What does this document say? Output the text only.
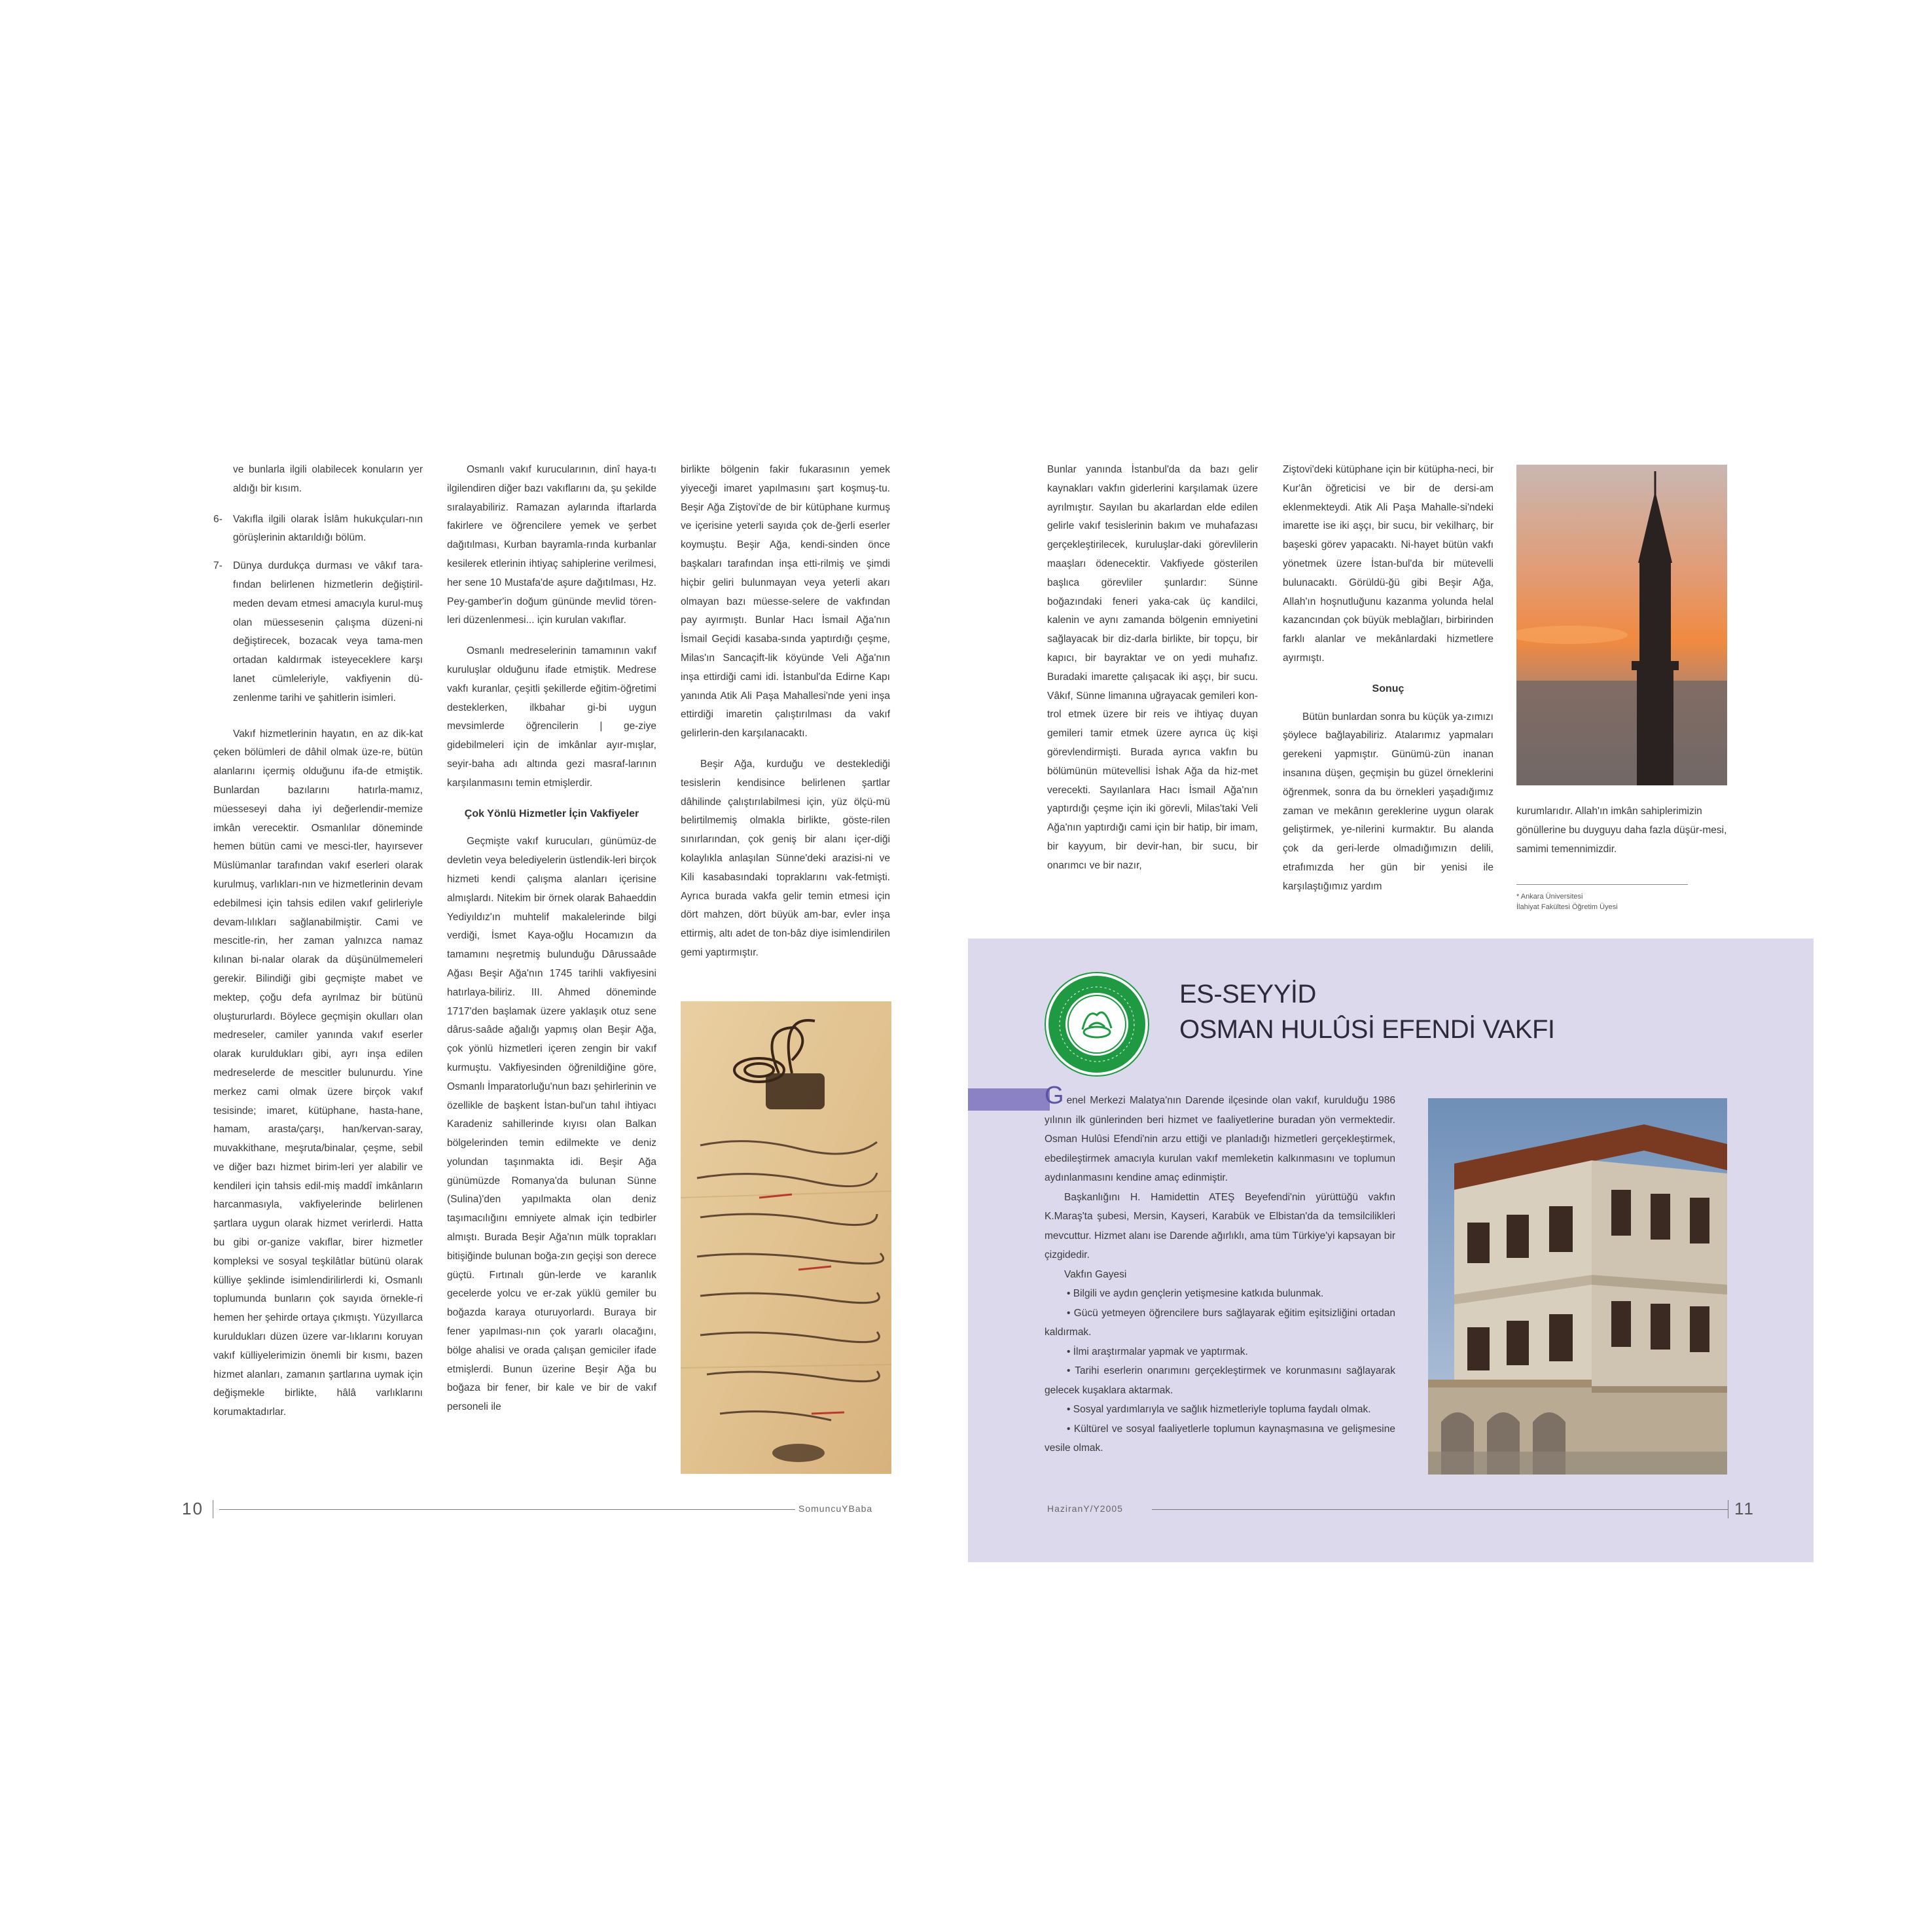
ve bunlarla ilgili olabilecek konuların yer aldığı bir kısım.

6- Vakıfla ilgili olarak İslâm hukukçuları-nın görüşlerinin aktarıldığı bölüm.
7- Dünya durdukça durması ve vâkıf tara-fından belirlenen hizmetlerin değiştiril-meden devam etmesi amacıyla kurul-muş olan müessesenin çalışma düzeni-ni değiştirecek, bozacak veya tama-men ortadan kaldırmak isteyeceklere karşı lanet cümleleriyle, vakfiyenin dü-zenlenme tarihi ve şahitlerin isimleri.

Vakıf hizmetlerinin hayatın, en az dik-kat çeken bölümleri de dâhil olmak üze-re, bütün alanlarını içermiş olduğunu ifa-de etmiştik. Bunlardan bazılarını hatırla-mamız, müesseseyi daha iyi değerlendir-memize imkân verecektir. Osmanlılar döneminde hemen bütün cami ve mesci-tler, hayırsever Müslümanlar tarafından vakıf eserleri olarak kurulmuş, varlıkları-nın ve hizmetlerinin devam edebilmesi için tahsis edilen vakıf gelirleriyle devam-lılıkları sağlanabilmiştir. Cami ve mescitle-rin, her zaman yalnızca namaz kılınan bi-nalar olarak da düşünülmemeleri gerekir. Bilindiği gibi geçmişte mabet ve mektep, çoğu defa ayrılmaz bir bütünü oluştururlardı. Böylece geçmişin okulları olan medreseler, camiler yanında vakıf eserler olarak kuruldukları gibi, ayrı inşa edilen medreselerde de mescitler bulunurdu. Yine merkez cami olmak üzere birçok vakıf tesisinde; imaret, kütüphane, hasta-hane, hamam, arasta/çarşı, han/kervan-saray, muvakkithane, meşruta/binalar, çeşme, sebil ve diğer bazı hizmet birim-leri yer alabilir ve kendileri için tahsis edil-miş maddî imkânların harcanmasıyla, vakfiyelerinde belirlenen şartlara uygun olarak hizmet verirlerdi. Hatta bu gibi or-ganize vakıflar, birer hizmetler kompleksi ve sosyal teşkilâtlar bütünü olarak külliye şeklinde isimlendirilirlerdi ki, Osmanlı toplumunda bunların çok sayıda örnekle-ri hemen her şehirde ortaya çıkmıştı. Yüzyıllarca kuruldukları düzen üzere var-lıklarını koruyan vakıf külliyelerimizin önemli bir kısmı, bazen hizmet alanları, zamanın şartlarına uymak için değişmekle birlikte, hâlâ varlıklarını korumaktadırlar.

Osmanlı vakıf kurucularının, dinî haya-tı ilgilendiren diğer bazı vakıflarını da, şu şekilde sıralayabiliriz. Ramazan aylarında iftarlarda fakirlere ve öğrencilere yemek ve şerbet dağıtılması, Kurban bayramla-rında kurbanlar kesilerek etlerinin ihtiyaç sahiplerine verilmesi, her sene 10 Mustafa'de aşure dağıtılması, Hz. Pey-gamber'in doğum gününde mevlid tören-leri düzenlenmesi... için kurulan vakıflar.

Osmanlı medreselerinin tamamının vakıf kuruluşlar olduğunu ifade etmiştik. Medrese vakfı kuranlar, çeşitli şekillerde eğitim-öğretimi desteklerken, ilkbahar gi-bi uygun mevsimlerde öğrencilerin | ge-ziye gidebilmeleri için de imkânlar ayır-mışlar, seyir-baha adı altında gezi masraf-larının karşılanmasını temin etmişlerdir.

Çok Yönlü Hizmetler İçin Vakfiyeler

Geçmişte vakıf kurucuları, günümüz-de devletin veya belediyelerin üstlendik-leri birçok hizmeti kendi çalışma alanları içerisine almışlardı. Nitekim bir örnek olarak Bahaeddin Yediyıldız'ın muhtelif makalelerinde bilgi verdiği, İsmet Kaya-oğlu Hocamızın da tamamını neşretmiş bulunduğu Dârussaâde Ağası Beşir Ağa'nın 1745 tarihli vakfiyesini hatırlaya-biliriz. III. Ahmed döneminde 1717'den başlamak üzere yaklaşık otuz sene dârus-saâde ağalığı yapmış olan Beşir Ağa, çok yönlü hizmetleri içeren zengin bir vakıf kurmuştu. Vakfiyesinden öğrenildiğine göre, Osmanlı İmparatorluğu'nun bazı şehirlerinin ve özellikle de başkent İstan-bul'un tahıl ihtiyacı Karadeniz sahillerinde kıyısı olan Balkan bölgelerinden temin edilmekte ve deniz yolundan taşınmakta idi. Beşir Ağa günümüzde Romanya'da bulunan Sünne (Sulina)'den yapılmakta olan deniz taşımacılığını emniyete almak için tedbirler almıştı. Burada Beşir Ağa'nın mülk toprakları bitişiğinde bulunan boğa-zın geçişi son derece güçtü. Fırtınalı gün-lerde ve karanlık gecelerde yolcu ve er-zak yüklü gemiler bu boğazda karaya oturuyorlardı. Buraya bir fener yapılması-nın çok yararlı olacağını, bölge ahalisi ve orada çalışan gemiciler ifade etmişlerdi. Bunun üzerine Beşir Ağa bu boğaza bir fener, bir kale ve bir de vakıf personeli ile

birlikte bölgenin fakir fukarasının yemek yiyeceği imaret yapılmasını şart koşmuş-tu. Beşir Ağa Ziştovi'de de bir kütüphane kurmuş ve içerisine yeterli sayıda çok de-ğerli eserler koymuştu. Beşir Ağa, kendi-sinden önce başkaları tarafından inşa etti-rilmiş ve şimdi hiçbir geliri bulunmayan veya yeterli akarı olmayan bazı müesse-selere de vakfından pay ayırmıştı. Bunlar Hacı İsmail Ağa'nın İsmail Geçidi kasaba-sında yaptırdığı çeşme, Milas'ın Sancaçift-lik köyünde Veli Ağa'nın inşa ettirdiği cami idi. İstanbul'da Edirne Kapı yanında Atik Ali Paşa Mahallesi'nde yeni inşa ettirdiği imaretin çalıştırılması da vakıf gelirlerin-den karşılanacaktı.

Beşir Ağa, kurduğu ve desteklediği tesislerin kendisince belirlenen şartlar dâhilinde çalıştırılabilmesi için, yüz ölçü-mü belirtilmemiş olmakla birlikte, göste-rilen sınırlarından, çok geniş bir alanı içer-diği kolaylıkla anlaşılan Sünne'deki arazisi-ni ve Kili kasabasındaki topraklarını vak-fetmişti. Ayrıca burada vakfa gelir temin etmesi için dört mahzen, dört büyük am-bar, evler inşa ettirmiş, altı adet de ton-bâz diye isimlendirilen gemi yaptırmıştır.

10	SomuncuYBaba

Bunlar yanında İstanbul'da da bazı gelir kaynakları vakfın giderlerini karşılamak üzere ayrılmıştır. Sayılan bu akarlardan elde edilen gelirle vakıf tesislerinin bakım ve muhafazası gerçekleştirilecek, kuruluşlar-daki görevlilerin maaşları ödenecektir. Vakfiyede gösterilen başlıca görevliler şunlardır: Sünne boğazındaki feneri yaka-cak üç kandilci, kalenin ve aynı zamanda bölgenin emniyetini sağlayacak bir diz-darla birlikte, bir topçu, bir kapıcı, bir bayraktar ve on yedi muhafız. Buradaki imarette çalışacak iki aşçı, bir sucu. Vâkıf, Sünne limanına uğrayacak gemileri kon-trol etmek üzere bir reis ve ihtiyaç duyan gemileri tamir etmek üzere ayrıca üç kişi görevlendirmişti. Burada ayrıca vakfın bu bölümünün mütevellisi İshak Ağa da hiz-met verecekti. Sayılanlara Hacı İsmail Ağa'nın yaptırdığı çeşme için iki görevli, Milas'taki Veli Ağa'nın yaptırdığı cami için bir hatip, bir imam, bir kayyum, bir devir-han, bir sucu, bir onarımcı ve bir nazır,

Ziştovi'deki kütüphane için bir kütüpha-neci, bir Kur'ân öğreticisi ve bir de dersi-am eklenmekteydi. Atik Ali Paşa Mahalle-si'ndeki imarette ise iki aşçı, bir sucu, bir vekilharç, bir başeski görev yapacaktı. Ni-hayet bütün vakfı yönetmek üzere İstan-bul'da bir mütevelli bulunacaktı. Görüldü-ğü gibi Beşir Ağa, Allah'ın hoşnutluğunu kazanma yolunda helal kazancından çok büyük meblağları, birbirinden farklı alanlar ve mekânlardaki hizmetlere ayırmıştı.

Sonuç

Bütün bunlardan sonra bu küçük ya-zımızı şöylece bağlayabiliriz. Atalarımız yapmaları gerekeni yapmıştır. Günümü-zün inanan insanına düşen, geçmişin bu güzel örneklerini öğrenmek, sonra da bu örnekleri yaşadığımız zaman ve mekânın gereklerine uygun olarak geliştirmek, ye-nilerini kurmaktır. Bu alanda çok da geri-lerde olmadığımızın delili, etrafımızda her gün bir yenisi ile karşılaştığımız yardım

kurumlarıdır. Allah'ın imkân sahiplerimizin gönüllerine bu duyguyu daha fazla düşür-mesi, samimi temennimizdir.

* Ankara Üniversitesi
İlahiyat Fakültesi Öğretim Üyesi
ES-SEYYİD
OSMAN HULÛSİ EFENDİ VAKFI

Genel Merkezi Malatya'nın Darende ilçesinde olan vakıf, kurulduğu 1986 yılının ilk günlerinden beri hizmet ve faaliyetlerine buradan yön vermektedir. Osman Hulûsi Efendi'nin arzu ettiği ve planladığı hizmetleri gerçekleştirmek, ebedileştirmek amacıyla kurulan vakıf memleketin kalkınmasını ve toplumun aydınlanmasını kendine amaç edinmiştir.

Başkanlığını H. Hamidettin ATEŞ Beyefendi'nin yürüttüğü vakfın K.Maraş'ta şubesi, Mersin, Kayseri, Karabük ve Elbistan'da da temsilcilikleri mevcuttur. Hizmet alanı ise Darende ağırlıklı, ama tüm Türkiye'yi kapsayan bir çizgidedir.

Vakfın Gayesi

• Bilgili ve aydın gençlerin yetişmesine katkıda bulunmak.

• Gücü yetmeyen öğrencilere burs sağlayarak eğitim eşitsizliğini ortadan kaldırmak.

• İlmi araştırmalar yapmak ve yaptırmak.

• Tarihi eserlerin onarımını gerçekleştirmek ve korunmasını sağlayarak gelecek kuşaklara aktarmak.

• Sosyal yardımlarıyla ve sağlık hizmetleriyle topluma faydalı olmak.

• Kültürel ve sosyal faaliyetlerle toplumun kaynaşmasına ve gelişmesine vesile olmak.

11
HaziranY/Y2005
